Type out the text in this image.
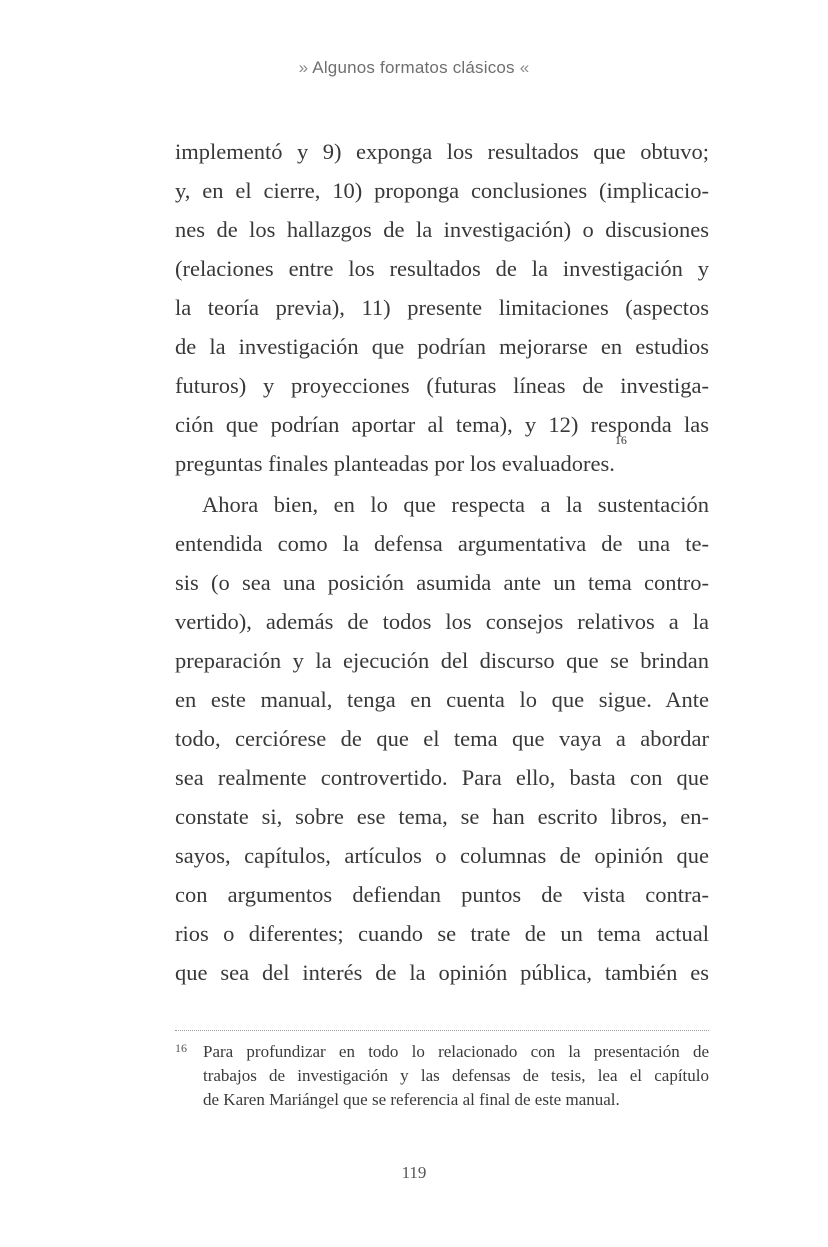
» Algunos formatos clásicos «
implementó y 9) exponga los resultados que obtuvo;
y, en el cierre, 10) proponga conclusiones (implicacio-
nes de los hallazgos de la investigación) o discusiones
(relaciones entre los resultados de la investigación y
la teoría previa), 11) presente limitaciones (aspectos
de la investigación que podrían mejorarse en estudios
futuros) y proyecciones (futuras líneas de investiga-
ción que podrían aportar al tema), y 12) responda las
preguntas finales planteadas por los evaluadores.$^{16}$
Ahora bien, en lo que respecta a la sustentación
entendida como la defensa argumentativa de una te-
sis (o sea una posición asumida ante un tema contro-
vertido), además de todos los consejos relativos a la
preparación y la ejecución del discurso que se brindan
en este manual, tenga en cuenta lo que sigue. Ante
todo, cerciórese de que el tema que vaya a abordar
sea realmente controvertido. Para ello, basta con que
constate si, sobre ese tema, se han escrito libros, en-
sayos, capítulos, artículos o columnas de opinión que
con argumentos defiendan puntos de vista contra-
rios o diferentes; cuando se trate de un tema actual
que sea del interés de la opinión pública, también es
16 Para profundizar en todo lo relacionado con la presentación de
trabajos de investigación y las defensas de tesis, lea el capítulo
de Karen Mariángel que se referencia al final de este manual.
119
